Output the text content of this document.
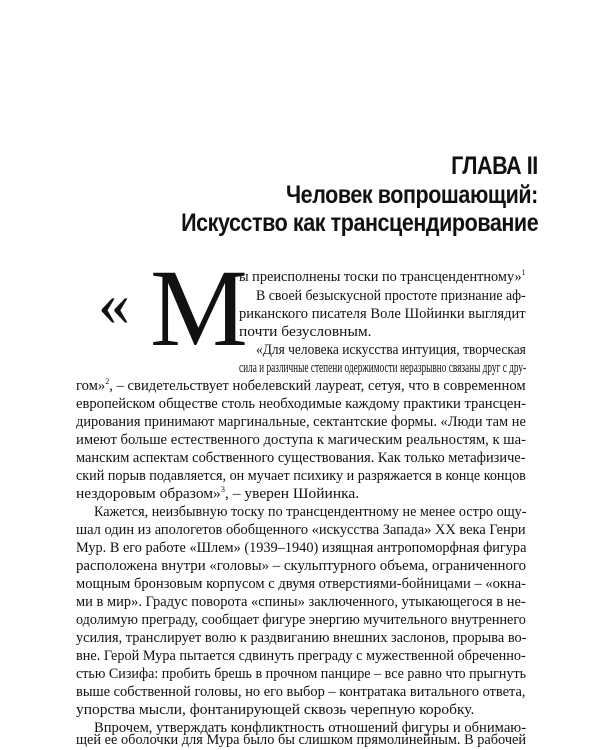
ГЛАВА II
Человек вопрошающий:
Искусство как трансцендирование
« М
ы преисполнены тоски по трансцендентному»$^1$
В своей безыскусной простоте признание аф-
риканского писателя Воле Шойинки выглядит
почти безусловным.
«Для человека искусства интуиция, творческая
сила и различные степени одержимости неразрывно связаны друг с дру-
гом»$^2$, – свидетельствует нобелевский лауреат, сетуя, что в современном
европейском обществе столь необходимые каждому практики трансцен-
дирования принимают маргинальные, сектантские формы. «Люди там не
имеют больше естественного доступа к магическим реальностям, к ша-
манским аспектам собственного существования. Как только метафизиче-
ский порыв подавляется, он мучает психику и разряжается в конце концов
нездоровым образом»$^3$, – уверен Шойинка.
Кажется, неизбывную тоску по трансцендентному не менее остро ощу-
шал один из апологетов обобщенного «искусства Запада» XX века Генри
Мур. В его работе «Шлем» (1939–1940) изящная антропоморфная фигура
расположена внутри «головы» – скульптурного объема, ограниченного
мощным бронзовым корпусом с двумя отверстиями-бойницами – «окна-
ми в мир». Градус поворота «спины» заключенного, утыкающегося в не-
одолимую преграду, сообщает фигуре энергию мучительного внутреннего
усилия, транслирует волю к раздвиганию внешних заслонов, прорыва во-
вне. Герой Мура пытается сдвинуть преграду с мужественной обреченно-
стью Сизифа: пробить брешь в прочном панцире – все равно что прыгнуть
выше собственной головы, но его выбор – контратака витального ответа,
упорства мысли, фонтанирующей сквозь черепную коробку.
Впрочем, утверждать конфликтность отношений фигуры и обнимаю-
щей ее оболочки для Мура было бы слишком прямолинейным. В рабочей
